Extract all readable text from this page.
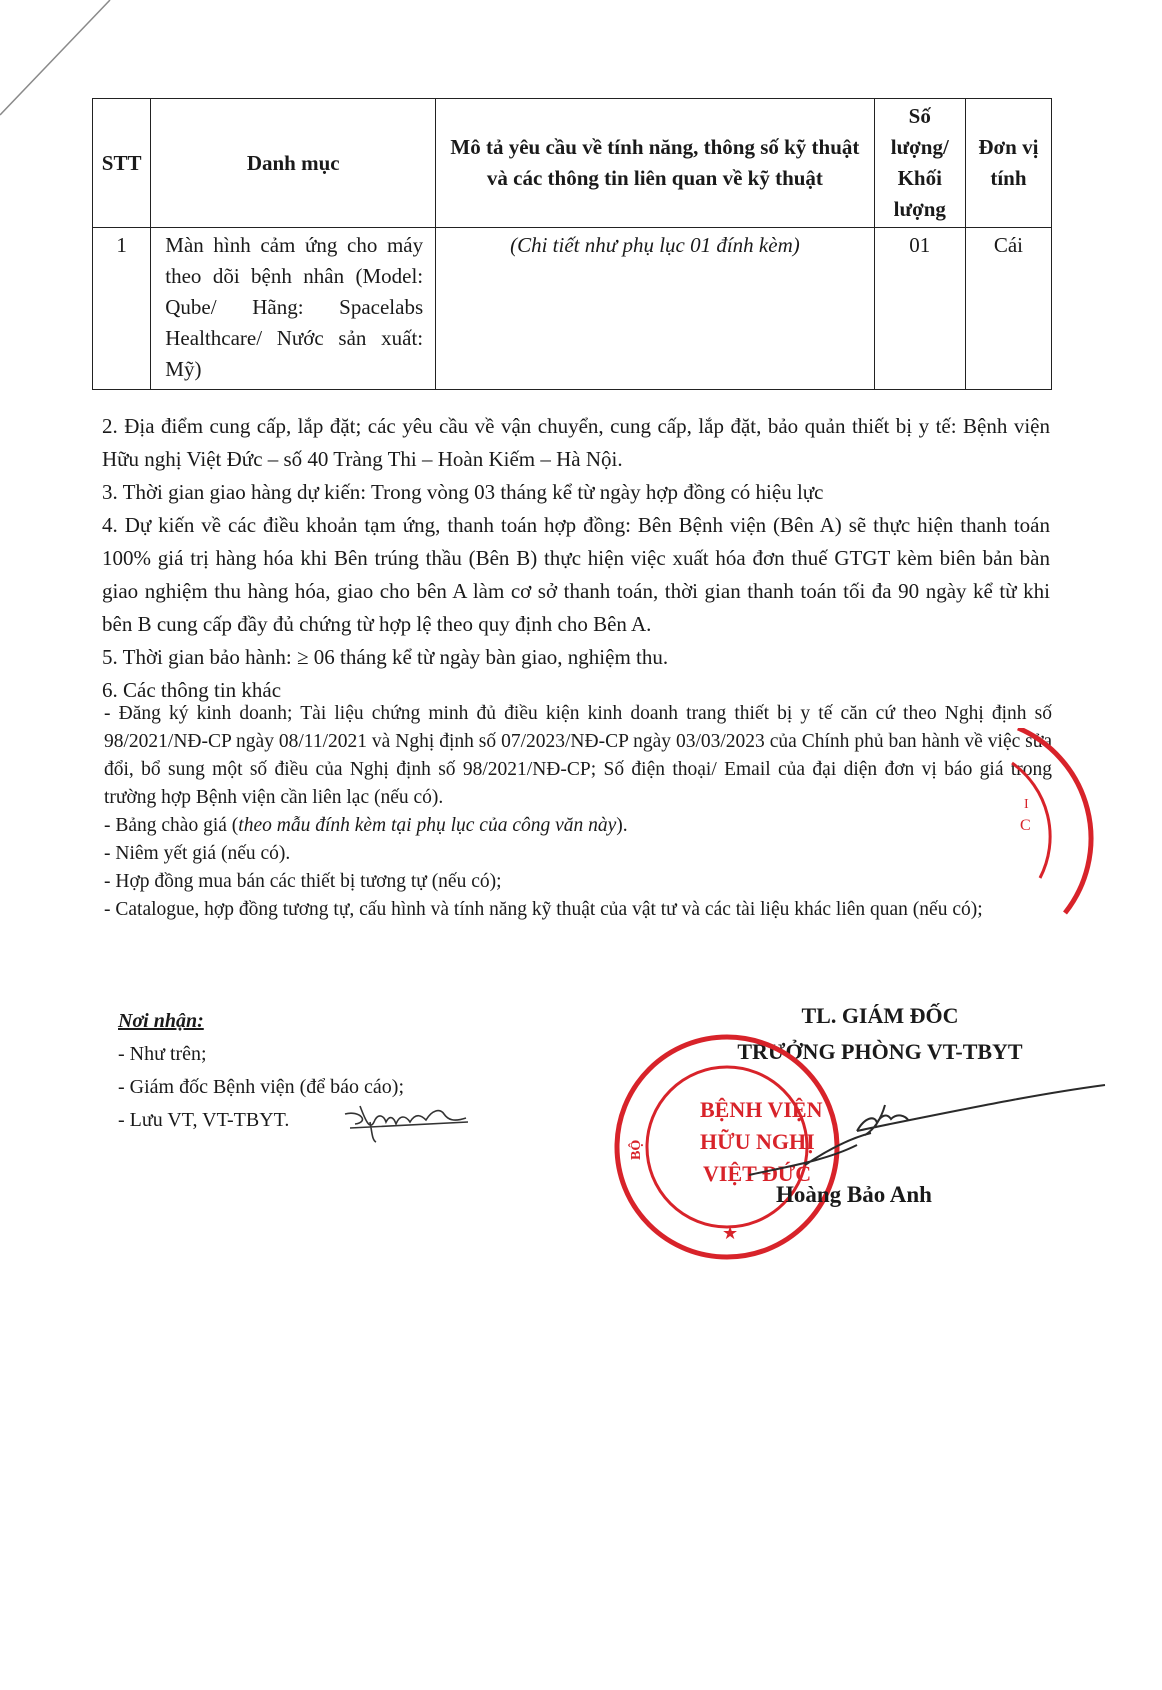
STT	Danh mục	Mô tả yêu cầu về tính năng, thông số kỹ thuật và các thông tin liên quan về kỹ thuật	Số lượng/ Khối lượng	Đơn vị tính
1	Màn hình cảm ứng cho máy theo dõi bệnh nhân (Model: Qube/ Hãng: Spacelabs Healthcare/ Nước sản xuất: Mỹ)	(Chi tiết như phụ lục 01 đính kèm)	01	Cái

2. Địa điểm cung cấp, lắp đặt; các yêu cầu về vận chuyển, cung cấp, lắp đặt, bảo quản thiết bị y tế: Bệnh viện Hữu nghị Việt Đức – số 40 Tràng Thi – Hoàn Kiếm – Hà Nội.

3. Thời gian giao hàng dự kiến: Trong vòng 03 tháng kể từ ngày hợp đồng có hiệu lực

4. Dự kiến về các điều khoản tạm ứng, thanh toán hợp đồng: Bên Bệnh viện (Bên A) sẽ thực hiện thanh toán 100% giá trị hàng hóa khi Bên trúng thầu (Bên B) thực hiện việc xuất hóa đơn thuế GTGT kèm biên bản bàn giao nghiệm thu hàng hóa, giao cho bên A làm cơ sở thanh toán, thời gian thanh toán tối đa 90 ngày kể từ khi bên B cung cấp đầy đủ chứng từ hợp lệ theo quy định cho Bên A.

5. Thời gian bảo hành: ≥ 06 tháng kể từ ngày bàn giao, nghiệm thu.

6. Các thông tin khác

- Đăng ký kinh doanh; Tài liệu chứng minh đủ điều kiện kinh doanh trang thiết bị y tế căn cứ theo Nghị định số 98/2021/NĐ-CP ngày 08/11/2021 và Nghị định số 07/2023/NĐ-CP ngày 03/03/2023 của Chính phủ ban hành về việc sửa đổi, bổ sung một số điều của Nghị định số 98/2021/NĐ-CP; Số điện thoại/ Email của đại diện đơn vị báo giá trong trường hợp Bệnh viện cần liên lạc (nếu có).

- Bảng chào giá (theo mẫu đính kèm tại phụ lục của công văn này).

- Niêm yết giá (nếu có).

- Hợp đồng mua bán các thiết bị tương tự (nếu có);

- Catalogue, hợp đồng tương tự, cấu hình và tính năng kỹ thuật của vật tư và các tài liệu khác liên quan (nếu có);

Nơi nhận:
- Như trên;
- Giám đốc Bệnh viện (để báo cáo);
- Lưu VT, VT-TBYT.
TL. GIÁM ĐỐC
TRƯỞNG PHÒNG VT-TBYT
BỆNH VIỆN
HỮU NGHỊ
VIỆT ĐỨC
BỘ
★
I
C
Hoàng Bảo Anh
